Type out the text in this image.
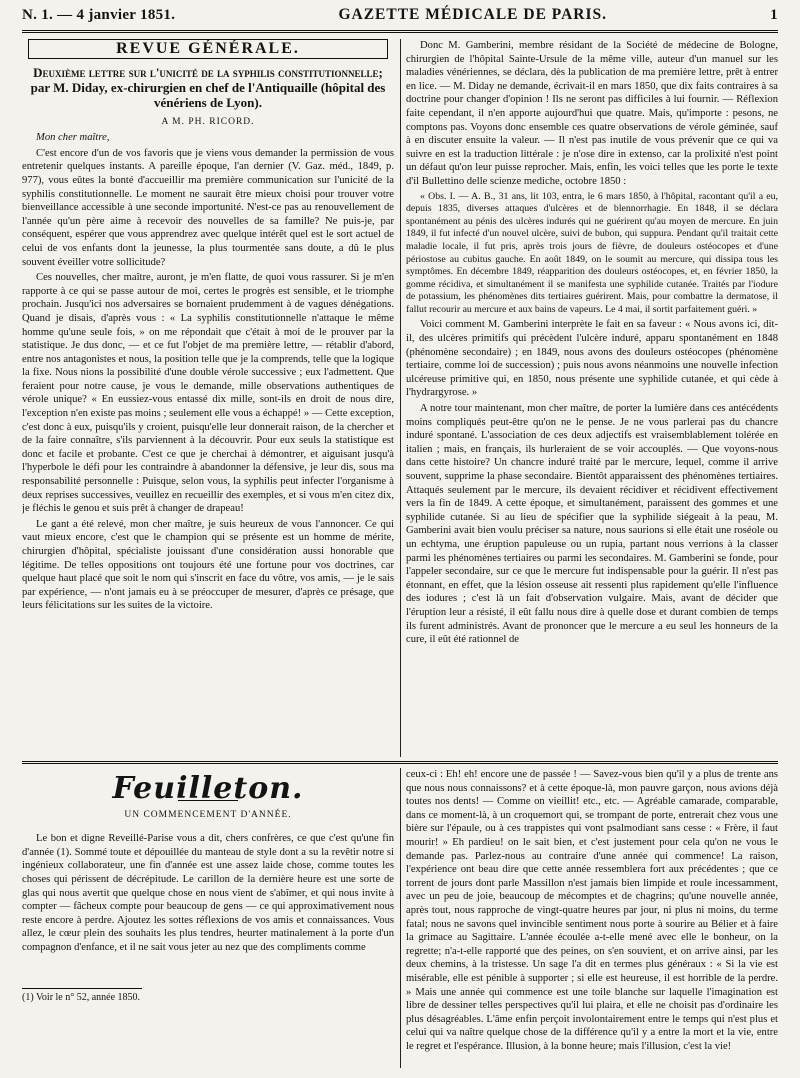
N. 1. — 4 janvier 1851.	GAZETTE MÉDICALE DE PARIS.	1
REVUE GÉNÉRALE.
Deuxième lettre sur l'unicité de la syphilis constitutionnelle; par M. Diday, ex-chirurgien en chef de l'Antiquaille (hôpital des vénériens de Lyon).
A M. PH. RICORD.

Mon cher maître,

C'est encore d'un de vos favoris que je viens vous demander la permission de vous entretenir quelques instants. A pareille époque, l'an dernier (V. Gaz. méd., 1849, p. 977), vous eûtes la bonté d'accueillir ma première communication sur l'unicité de la syphilis constitutionnelle. Le moment ne saurait être mieux choisi pour trouver votre bienveillance accessible à une seconde importunité. N'est-ce pas au renouvellement de l'année qu'un père aime à recevoir des nouvelles de sa famille? Ne puis-je, par conséquent, espérer que vous apprendrez avec quelque intérêt quel est le sort actuel de celui de vos enfants dont la jeunesse, la plus tourmentée sans doute, a dû le plus souvent éveiller votre sollicitude?

Ces nouvelles, cher maître, auront, je m'en flatte, de quoi vous rassurer. Si je m'en rapporte à ce qui se passe autour de moi, certes le progrès est sensible, et le triomphe prochain. Jusqu'ici nos adversaires se bornaient prudemment à de vagues dénégations. Quand je disais, d'après vous : « La syphilis constitutionnelle n'attaque le même homme qu'une seule fois, » on me répondait que c'était à moi de le prouver par la statistique. Je dus donc, — et ce fut l'objet de ma première lettre, — rétablir d'abord, entre nos antagonistes et nous, la position telle que je la comprends, telle que la logique la fixe. Nous nions la possibilité d'une double vérole successive ; eux l'admettent. Que feraient pour notre cause, je vous le demande, mille observations authentiques de vérole unique? « En eussiez-vous entassé dix mille, sont-ils en droit de nous dire, l'exception n'en existe pas moins ; seulement elle vous a échappé! » — Cette exception, c'est donc à eux, puisqu'ils y croient, puisqu'elle leur donnerait raison, de la chercher et de la faire connaître, s'ils parviennent à la découvrir. Pour eux seuls la statistique est donc et facile et probante. C'est ce que je cherchai à démontrer, et aiguisant jusqu'à l'hyperbole le défi pour les contraindre à abandonner la défensive, je leur dis, sous ma responsabilité personnelle : Puisque, selon vous, la syphilis peut infecter l'organisme à deux reprises successives, veuillez en recueillir des exemples, et si vous m'en citez dix, je fléchis le genou et suis prêt à changer de drapeau!

Le gant a été relevé, mon cher maître, je suis heureux de vous l'annoncer. Ce qui vaut mieux encore, c'est que le champion qui se présente est un homme de mérite, chirurgien d'hôpital, spécialiste jouissant d'une considération aussi honorable que légitime. De telles oppositions ont toujours été une fortune pour vos doctrines, car quelque haut placé que soit le nom qui s'inscrit en face du vôtre, vos amis, — je le sais par expérience, — n'ont jamais eu à se préoccuper de mesurer, d'après ce présage, que leurs félicitations sur les suites de la victoire.

Donc M. Gamberini, membre résidant de la Société de médecine de Bologne, chirurgien de l'hôpital Sainte-Ursule de la même ville, auteur d'un manuel sur les maladies vénériennes, se déclara, dès la publication de ma première lettre, prêt à entrer en lice. — M. Diday ne demande, écrivait-il en mars 1850, que dix faits contraires à sa doctrine pour changer d'opinion ! Ils ne seront pas difficiles à lui fournir. — Réflexion faite cependant, il n'en apporte aujourd'hui que quatre. Mais, qu'importe : pesons, ne comptons pas. Voyons donc ensemble ces quatre observations de vérole géminée, sauf à en discuter ensuite la valeur. — Il n'est pas inutile de vous prévenir que ce qui va suivre en est la traduction littérale : je n'ose dire in extenso, car la prolixité n'est point un défaut qu'on leur puisse reprocher. Mais, enfin, les voici telles que les porte le texte d'il Bullettino delle scienze mediche, octobre 1850 :

« Obs. I. — A. B., 31 ans, lit 103, entra, le 6 mars 1850, à l'hôpital, racontant qu'il a eu, depuis 1835, diverses attaques d'ulcères et de blennorrhagie. En 1848, il se déclara spontanément au pénis des ulcères indurés qui ne guérirent qu'au moyen de mercure. En juin 1849, il fut infecté d'un nouvel ulcère, suivi de bubon, qui suppura. Pendant qu'il traitait cette maladie locale, il fut pris, après trois jours de fièvre, de douleurs ostéocopes et d'une périostose au cubitus gauche. En août 1849, on le soumit au mercure, qui dissipa tous les symptômes. En décembre 1849, réapparition des douleurs ostéocopes, et, en février 1850, la gomme récidiva, et simultanément il se manifesta une syphilide cutanée. Traités par l'iodure de potassium, les phénomènes dits tertiaires guérirent. Mais, pour combattre la dermatose, il fallut recourir au mercure et aux bains de vapeurs. Le 4 mai, il sortit parfaitement guéri. »

Voici comment M. Gamberini interprète le fait en sa faveur : « Nous avons ici, dit-il, des ulcères primitifs qui précèdent l'ulcère induré, apparu spontanément en 1848 (phénomène secondaire) ; en 1849, nous avons des douleurs ostéocopes (phénomène tertiaire, comme loi de succession) ; puis nous avons néanmoins une nouvelle infection ulcéreuse primitive qui, en 1850, nous présente une syphilide cutanée, et qui cède à l'hydrargyrose. »

A notre tour maintenant, mon cher maître, de porter la lumière dans ces antécédents moins compliqués peut-être qu'on ne le pense. Je ne vous parlerai pas du chancre induré spontané. L'association de ces deux adjectifs est vraisemblablement tolérée en italien ; mais, en français, ils hurleraient de se voir accouplés. — Que voyons-nous dans cette histoire? Un chancre induré traité par le mercure, lequel, comme il arrive souvent, supprime la phase secondaire. Bientôt apparaissent des phénomènes tertiaires. Attaqués seulement par le mercure, ils devaient récidiver et récidivent effectivement vers la fin de 1849. A cette époque, et simultanément, paraissent des gommes et une syphilide cutanée. Si au lieu de spécifier que la syphilide siégeait à la peau, M. Gamberini avait bien voulu préciser sa nature, nous saurions si elle était une roséole ou un echtyma, une éruption papuleuse ou un rupia, partant nous verrions à la classer parmi les phénomènes tertiaires ou parmi les secondaires. M. Gamberini se fonde, pour l'appeler secondaire, sur ce que le mercure fut indispensable pour la guérir. Il n'est pas étonnant, en effet, que la lésion osseuse ait ressenti plus rapidement qu'elle l'influence des iodures ; c'est là un fait d'observation vulgaire. Mais, avant de décider que l'éruption leur a résisté, il eût fallu nous dire à quelle dose et durant combien de temps ils furent administrés. Avant de prononcer que le mercure a eu seul les honneurs de la cure, il eût été rationnel de

Feuilleton.
UN COMMENCEMENT D'ANNÉE.

Le bon et digne Reveillé-Parise vous a dit, chers confrères, ce que c'est qu'une fin d'année (1). Sommé toute et dépouillée du manteau de style dont a su la revêtir notre si ingénieux collaborateur, une fin d'année est une assez laide chose, comme toutes les choses qui périssent de décrépitude. Le carillon de la dernière heure est une sorte de glas qui nous avertit que quelque chose en nous vient de s'abîmer, et qui nous invite à compter — fâcheux compte pour beaucoup de gens — ce qui approximativement nous reste encore à perdre. Ajoutez les sottes réflexions de vos amis et connaissances. Vous allez, le cœur plein des souhaits les plus tendres, heurter matinalement à la porte d'un compagnon d'enfance, et il ne sait vous jeter au nez que des compliments comme

(1) Voir le n° 52, année 1850.

ceux-ci : Eh! eh! encore une de passée ! — Savez-vous bien qu'il y a plus de trente ans que nous nous connaissons? et à cette époque-là, mon pauvre garçon, nous avions déjà toutes nos dents! — Comme on vieillit! etc., etc. — Agréable camarade, comparable, dans ce moment-là, à un croquemort qui, se trompant de porte, entrerait chez vous une bière sur l'épaule, ou à ces trappistes qui vont psalmodiant sans cesse : « Frère, il faut mourir! » Eh pardieu! on le sait bien, et c'est justement pour cela qu'on ne vous le demande pas. Parlez-nous au contraire d'une année qui commence! La raison, l'expérience ont beau dire que cette année ressemblera fort aux précédentes ; que ce torrent de jours dont parle Massillon n'est jamais bien limpide et roule incessamment, avec un peu de joie, beaucoup de mécomptes et de chagrins; qu'une nouvelle année, après tout, nous rapproche de vingt-quatre heures par jour, ni plus ni moins, du terme fatal; nous ne savons quel invincible sentiment nous porte à sourire au Bélier et à faire la grimace au Sagittaire. L'année écoulée a-t-elle mené avec elle le bonheur, on la regrette; n'a-t-elle rapporté que des peines, on s'en souvient, et on arrive ainsi, par les deux chemins, à la tristesse. Un sage l'a dit en termes plus généraux : « Si la vie est misérable, elle est pénible à supporter ; si elle est heureuse, il est horrible de la perdre. » Mais une année qui commence est une toile blanche sur laquelle l'imagination est libre de dessiner telles perspectives qu'il lui plaira, et elle ne choisit pas d'ordinaire les plus désagréables. L'âme enfin perçoit involontairement entre le temps qui n'est plus et celui qui va naître quelque chose de la différence qu'il y a entre la mort et la vie, entre le regret et l'espérance. Illusion, à la bonne heure; mais l'illusion, c'est la vie!
